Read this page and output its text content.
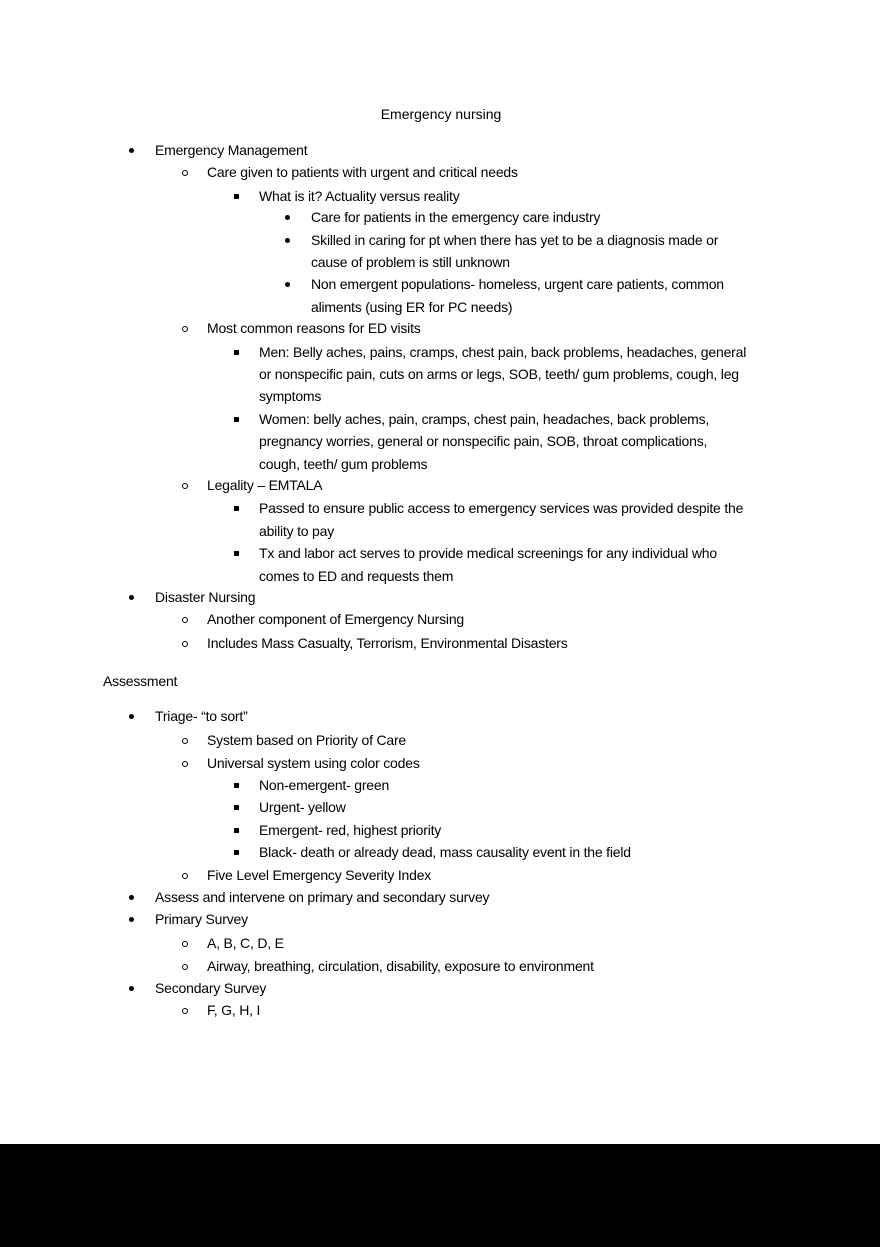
Emergency nursing
Assessment
Emergency Management
Care given to patients with urgent and critical needs
What is it? Actuality versus reality
Care for patients in the emergency care industry
Skilled in caring for pt when there has yet to be a diagnosis made or
cause of problem is still unknown
Non emergent populations- homeless, urgent care patients, common
aliments (using ER for PC needs)
Most common reasons for ED visits
Men: Belly aches, pains, cramps, chest pain, back problems, headaches, general
or nonspecific pain, cuts on arms or legs, SOB, teeth/ gum problems, cough, leg
symptoms
Women: belly aches, pain, cramps, chest pain, headaches, back problems,
pregnancy worries, general or nonspecific pain, SOB, throat complications,
cough, teeth/ gum problems
Legality – EMTALA
Passed to ensure public access to emergency services was provided despite the
ability to pay
Tx and labor act serves to provide medical screenings for any individual who
comes to ED and requests them
Disaster Nursing
Another component of Emergency Nursing
Includes Mass Casualty, Terrorism, Environmental Disasters
Triage- “to sort”
System based on Priority of Care
Universal system using color codes
Non-emergent- green
Urgent- yellow
Emergent- red, highest priority
Black- death or already dead, mass causality event in the field
Five Level Emergency Severity Index
Assess and intervene on primary and secondary survey
Primary Survey
A, B, C, D, E
Airway, breathing, circulation, disability, exposure to environment
Secondary Survey
F, G, H, I
